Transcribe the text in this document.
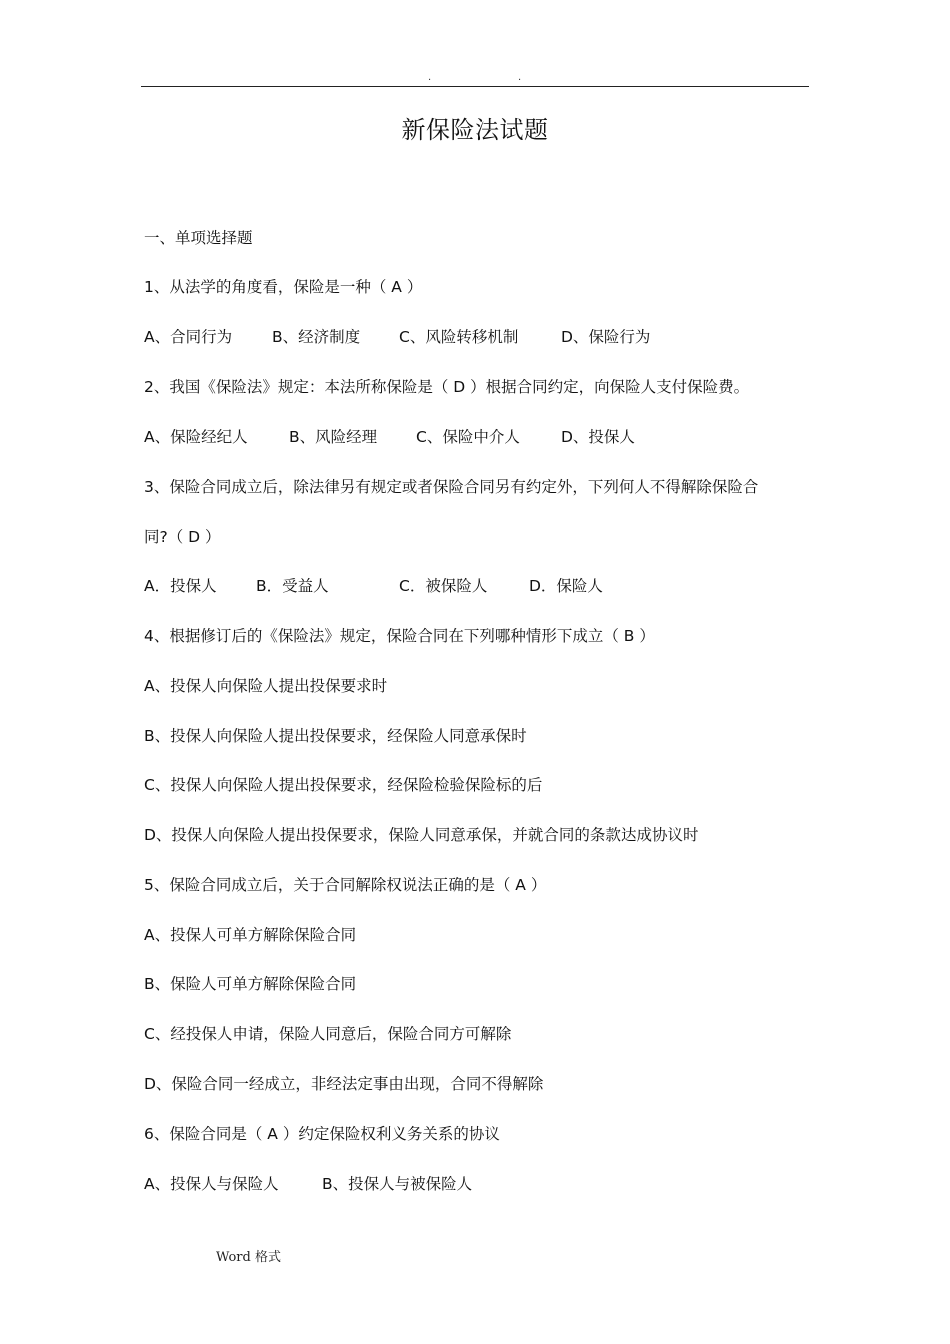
.	.
新保险法试题
一、单项选择题
1、从法学的角度看，保险是一种（ A ）
A、合同行为	B、经济制度	C、风险转移机制	D、保险行为
2、我国《保险法》规定：本法所称保险是（ D ）根据合同约定，向保险人支付保险费。
A、保险经纪人	B、风险经理	C、保险中介人	D、投保人
3、保险合同成立后，除法律另有规定或者保险合同另有约定外，下列何人不得解除保险合
同?（ D ）
A．投保人	B．受益人	C．被保险人	D．保险人
4、根据修订后的《保险法》规定，保险合同在下列哪种情形下成立（ B ）
A、投保人向保险人提出投保要求时
B、投保人向保险人提出投保要求，经保险人同意承保时
C、投保人向保险人提出投保要求，经保险检验保险标的后
D、投保人向保险人提出投保要求，保险人同意承保，并就合同的条款达成协议时
5、保险合同成立后，关于合同解除权说法正确的是（ A ）
A、投保人可单方解除保险合同
B、保险人可单方解除保险合同
C、经投保人申请，保险人同意后，保险合同方可解除
D、保险合同一经成立，非经法定事由出现，合同不得解除
6、保险合同是（ A ）约定保险权利义务关系的协议
A、投保人与保险人	B、投保人与被保险人
Word 格式
